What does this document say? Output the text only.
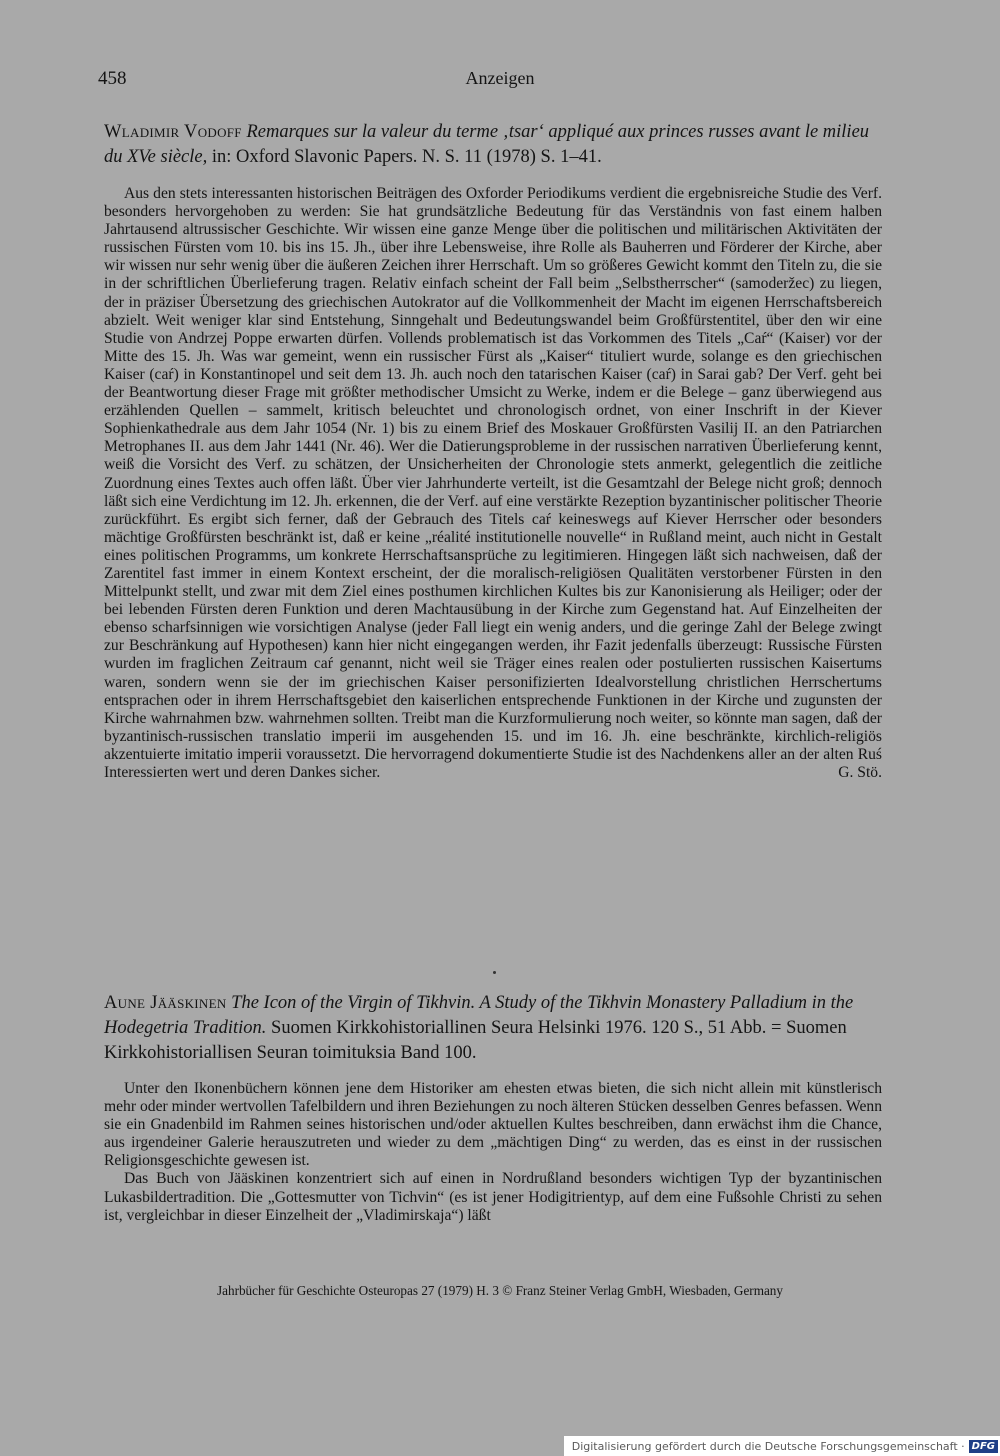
458	Anzeigen
Wladimir Vodoff Remarques sur la valeur du terme ‚tsar‘ appliqué aux princes russes avant le milieu du XVe siècle, in: Oxford Slavonic Papers. N. S. 11 (1978) S. 1–41.

Aus den stets interessanten historischen Beiträgen des Oxforder Periodikums verdient die ergebnisreiche Studie des Verf. besonders hervorgehoben zu werden: Sie hat grundsätzliche Bedeutung für das Verständnis von fast einem halben Jahrtausend altrussischer Geschichte. Wir wissen eine ganze Menge über die politischen und militärischen Aktivitäten der russischen Fürsten vom 10. bis ins 15. Jh., über ihre Lebensweise, ihre Rolle als Bauherren und Förderer der Kirche, aber wir wissen nur sehr wenig über die äußeren Zeichen ihrer Herrschaft. Um so größeres Gewicht kommt den Titeln zu, die sie in der schriftlichen Überlieferung tragen. Relativ einfach scheint der Fall beim „Selbstherrscher“ (samoderžec) zu liegen, der in präziser Übersetzung des griechischen Autokrator auf die Vollkommenheit der Macht im eigenen Herrschaftsbereich abzielt. Weit weniger klar sind Entstehung, Sinngehalt und Bedeutungswandel beim Großfürstentitel, über den wir eine Studie von Andrzej Poppe erwarten dürfen. Vollends problematisch ist das Vorkommen des Titels „Caŕ“ (Kaiser) vor der Mitte des 15. Jh. Was war gemeint, wenn ein russischer Fürst als „Kaiser“ tituliert wurde, solange es den griechischen Kaiser (caŕ) in Konstantinopel und seit dem 13. Jh. auch noch den tatarischen Kaiser (caŕ) in Sarai gab? Der Verf. geht bei der Beantwortung dieser Frage mit größter methodischer Umsicht zu Werke, indem er die Belege – ganz überwiegend aus erzählenden Quellen – sammelt, kritisch beleuchtet und chronologisch ordnet, von einer Inschrift in der Kiever Sophienkathedrale aus dem Jahr 1054 (Nr. 1) bis zu einem Brief des Moskauer Großfürsten Vasilij II. an den Patriarchen Metrophanes II. aus dem Jahr 1441 (Nr. 46). Wer die Datierungsprobleme in der russischen narrativen Überlieferung kennt, weiß die Vorsicht des Verf. zu schätzen, der Unsicherheiten der Chronologie stets anmerkt, gelegentlich die zeitliche Zuordnung eines Textes auch offen läßt. Über vier Jahrhunderte verteilt, ist die Gesamtzahl der Belege nicht groß; dennoch läßt sich eine Verdichtung im 12. Jh. erkennen, die der Verf. auf eine verstärkte Rezeption byzantinischer politischer Theorie zurückführt. Es ergibt sich ferner, daß der Gebrauch des Titels caŕ keineswegs auf Kiever Herrscher oder besonders mächtige Großfürsten beschränkt ist, daß er keine „réalité institutionelle nouvelle“ in Rußland meint, auch nicht in Gestalt eines politischen Programms, um konkrete Herrschaftsansprüche zu legitimieren. Hingegen läßt sich nachweisen, daß der Zarentitel fast immer in einem Kontext erscheint, der die moralisch-religiösen Qualitäten verstorbener Fürsten in den Mittelpunkt stellt, und zwar mit dem Ziel eines posthumen kirchlichen Kultes bis zur Kanonisierung als Heiliger; oder der bei lebenden Fürsten deren Funktion und deren Machtausübung in der Kirche zum Gegenstand hat. Auf Einzelheiten der ebenso scharfsinnigen wie vorsichtigen Analyse (jeder Fall liegt ein wenig anders, und die geringe Zahl der Belege zwingt zur Beschränkung auf Hypothesen) kann hier nicht eingegangen werden, ihr Fazit jedenfalls überzeugt: Russische Fürsten wurden im fraglichen Zeitraum caŕ genannt, nicht weil sie Träger eines realen oder postulierten russischen Kaisertums waren, sondern wenn sie der im griechischen Kaiser personifizierten Idealvorstellung christlichen Herrschertums entsprachen oder in ihrem Herrschaftsgebiet den kaiserlichen entsprechende Funktionen in der Kirche und zugunsten der Kirche wahrnahmen bzw. wahrnehmen sollten. Treibt man die Kurzformulierung noch weiter, so könnte man sagen, daß der byzantinisch-russischen translatio imperii im ausgehenden 15. und im 16. Jh. eine beschränkte, kirchlich-religiös akzentuierte imitatio imperii voraussetzt. Die hervorragend dokumentierte Studie ist des Nachdenkens aller an der alten Ruś Interessierten wert und deren Dankes sicher.	G. Stö.

Aune Jääskinen The Icon of the Virgin of Tikhvin. A Study of the Tikhvin Monastery Palladium in the Hodegetria Tradition. Suomen Kirkkohistoriallinen Seura Helsinki 1976. 120 S., 51 Abb. = Suomen Kirkkohistoriallisen Seuran toimituksia Band 100.

Unter den Ikonenbüchern können jene dem Historiker am ehesten etwas bieten, die sich nicht allein mit künstlerisch mehr oder minder wertvollen Tafelbildern und ihren Beziehungen zu noch älteren Stücken desselben Genres befassen. Wenn sie ein Gnadenbild im Rahmen seines historischen und/oder aktuellen Kultes beschreiben, dann erwächst ihm die Chance, aus irgendeiner Galerie herauszutreten und wieder zu dem „mächtigen Ding“ zu werden, das es einst in der russischen Religionsgeschichte gewesen ist.

Das Buch von Jääskinen konzentriert sich auf einen in Nordrußland besonders wichtigen Typ der byzantinischen Lukasbildertradition. Die „Gottesmutter von Tichvin“ (es ist jener Hodigitrientyp, auf dem eine Fußsohle Christi zu sehen ist, vergleichbar in dieser Einzelheit der „Vladimirskaja“) läßt

Jahrbücher für Geschichte Osteuropas 27 (1979) H. 3 © Franz Steiner Verlag GmbH, Wiesbaden, Germany
Digitalisierung gefördert durch die Deutsche Forschungsgemeinschaft · DFG
